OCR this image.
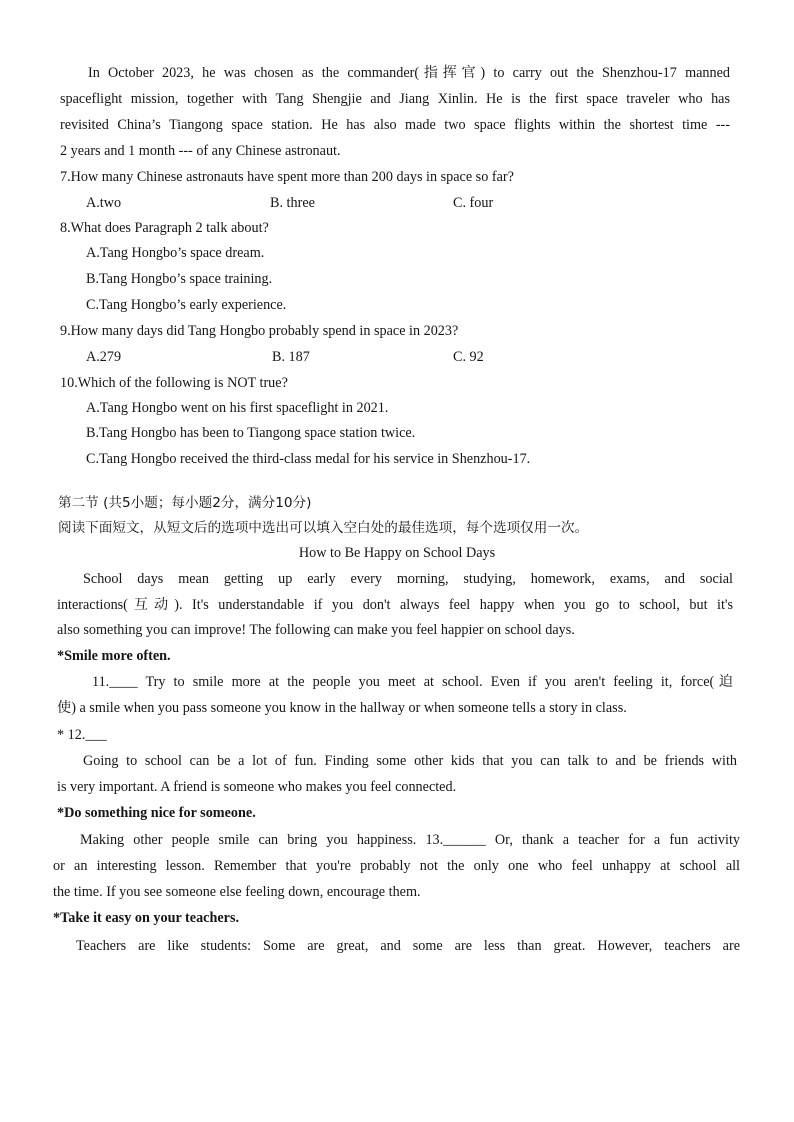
In October 2023, he was chosen as the commander(指挥官) to carry out the Shenzhou-17 manned
spaceflight mission, together with Tang Shengjie and Jiang Xinlin. He is the first space traveler who has
revisited China’s Tiangong space station. He has also made two space flights within the shortest time ---
2 years and 1 month --- of any Chinese astronaut.
7.How many Chinese astronauts have spent more than 200 days in space so far?
A.two	B. three	C. four
8.What does Paragraph 2 talk about?
A.Tang Hongbo’s space dream.
B.Tang Hongbo’s space training.
C.Tang Hongbo’s early experience.
9.How many days did Tang Hongbo probably spend in space in 2023?
A.279	B. 187	C. 92
10.Which of the following is NOT true?
A.Tang Hongbo went on his first spaceflight in 2021.
B.Tang Hongbo has been to Tiangong space station twice.
C.Tang Hongbo received the third-class medal for his service in Shenzhou-17.
第二节 (共5小题；每小题2分，满分10分)
阅读下面短文，从短文后的选项中选出可以填入空白处的最佳选项，每个选项仅用一次。
How to Be Happy on School Days
School days mean getting up early every morning, studying, homework, exams, and social
interactions(互动). It's understandable if you don't always feel happy when you go to school, but it's
also something you can improve! The following can make you feel happier on school days.
*Smile more often.
11.____ Try to smile more at the people you meet at school. Even if you aren't feeling it, force(迫
使) a smile when you pass someone you know in the hallway or when someone tells a story in class.
* 12.___
Going to school can be a lot of fun. Finding some other kids that you can talk to and be friends with
is very important. A friend is someone who makes you feel connected.
*Do something nice for someone.
Making other people smile can bring you happiness. 13.______ Or, thank a teacher for a fun activity
or an interesting lesson. Remember that you're probably not the only one who feel unhappy at school all
the time. If you see someone else feeling down, encourage them.
*Take it easy on your teachers.
Teachers are like students: Some are great, and some are less than great. However, teachers are
